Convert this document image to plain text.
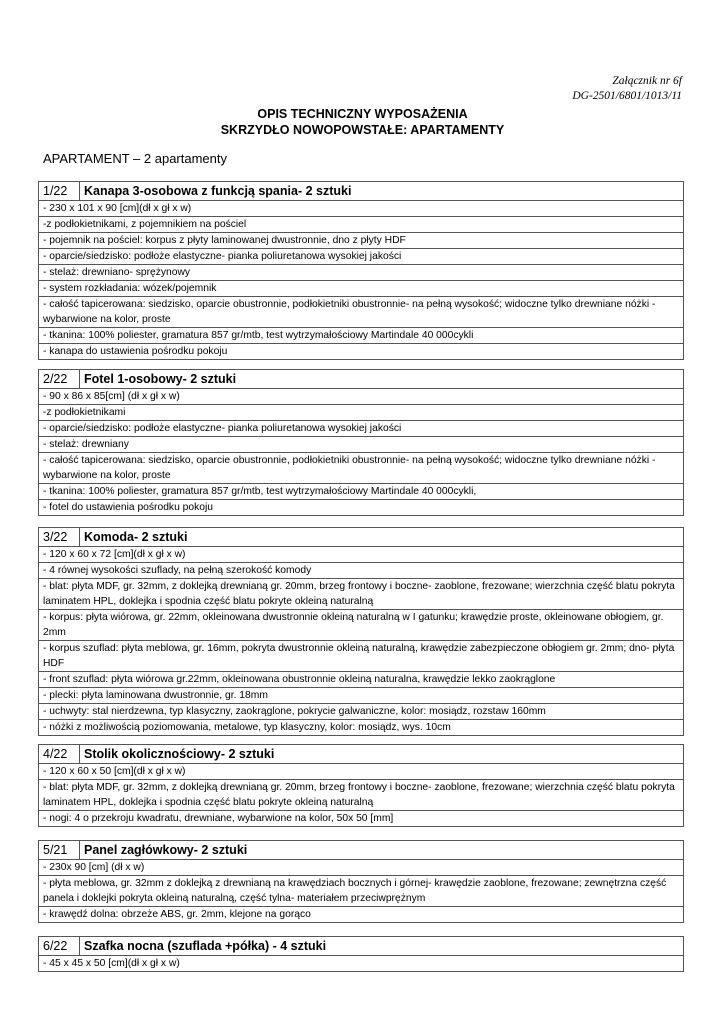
Załącznik nr 6f
DG-2501/6801/1013/11
OPIS TECHNICZNY WYPOSAŻENIA
SKRZYDŁO NOWOPOWSTAŁE: APARTAMENTY
APARTAMENT – 2 apartamenty
1/22	Kanapa 3-osobowa z funkcją spania- 2 sztuki
- 230 x 101 x 90 [cm](dł x gł x w)
-z podłokietnikami, z pojemnikiem na pościel
- pojemnik na pościel: korpus z płyty laminowanej dwustronnie, dno z płyty HDF
- oparcie/siedzisko: podłoże elastyczne- pianka poliuretanowa wysokiej jakości
- stelaż: drewniano- sprężynowy
- system rozkładania: wózek/pojemnik
- całość tapicerowana: siedzisko, oparcie obustronnie, podłokietniki obustronnie- na pełną wysokość; widoczne tylko drewniane nóżki - wybarwione na kolor, proste
- tkanina: 100% poliester, gramatura 857 gr/mtb, test wytrzymałościowy Martindale 40 000cykli
- kanapa do ustawienia pośrodku pokoju
2/22	Fotel 1-osobowy- 2 sztuki
- 90 x 86 x 85[cm] (dł x gł x w)
-z podłokietnikami
- oparcie/siedzisko: podłoże elastyczne- pianka poliuretanowa wysokiej jakości
- stelaż: drewniany
- całość tapicerowana: siedzisko, oparcie obustronnie, podłokietniki obustronnie- na pełną wysokość; widoczne tylko drewniane nóżki - wybarwione na kolor, proste
- tkanina: 100% poliester, gramatura 857 gr/mtb, test wytrzymałościowy Martindale 40 000cykli,
- fotel do ustawienia pośrodku pokoju
3/22	Komoda- 2 sztuki
- 120 x 60 x 72 [cm](dł x gł x w)
- 4 równej wysokości szuflady, na pełną szerokość komody
- blat: płyta MDF, gr. 32mm, z doklejką drewnianą gr. 20mm, brzeg frontowy i boczne- zaoblone, frezowane; wierzchnia część blatu pokryta laminatem HPL, doklejka i spodnia część blatu pokryte okleiną naturalną
- korpus: płyta wiórowa, gr. 22mm, okleinowana dwustronnie okleiną naturalną w I gatunku; krawędzie proste, okleinowane obłogiem, gr. 2mm
- korpus szuflad: płyta meblowa, gr. 16mm, pokryta dwustronnie okleiną naturalną, krawędzie zabezpieczone obłogiem gr. 2mm; dno- płyta HDF
- front szuflad: płyta wiórowa gr.22mm, okleinowana obustronnie okleiną naturalna, krawędzie lekko zaokrąglone
- plecki: płyta laminowana dwustronnie, gr. 18mm
- uchwyty: stal nierdzewna, typ klasyczny, zaokrąglone, pokrycie galwaniczne, kolor: mosiądz, rozstaw 160mm
- nóżki z możliwością poziomowania, metalowe, typ klasyczny, kolor: mosiądz, wys. 10cm
4/22	Stolik okolicznościowy- 2 sztuki
- 120 x 60 x 50 [cm](dł x gł x w)
- blat: płyta MDF, gr. 32mm, z doklejką drewnianą gr. 20mm, brzeg frontowy i boczne- zaoblone, frezowane; wierzchnia część blatu pokryta laminatem HPL, doklejka i spodnia część blatu pokryte okleiną naturalną
- nogi: 4 o przekroju kwadratu, drewniane, wybarwione na kolor, 50x 50 [mm]
5/21	Panel zagłówkowy- 2 sztuki
- 230x 90 [cm] (dł x w)
- płyta meblowa, gr. 32mm z doklejką z drewnianą na krawędziach bocznych i górnej- krawędzie zaoblone, frezowane; zewnętrzna część panela i doklejki pokryta okleiną naturalną, część tylna- materiałem przeciwprężnym
- krawędź dolna: obrzeże ABS, gr. 2mm, klejone na gorąco
6/22	Szafka nocna (szuflada +półka) - 4 sztuki
- 45 x 45 x 50 [cm](dł x gł x w)
